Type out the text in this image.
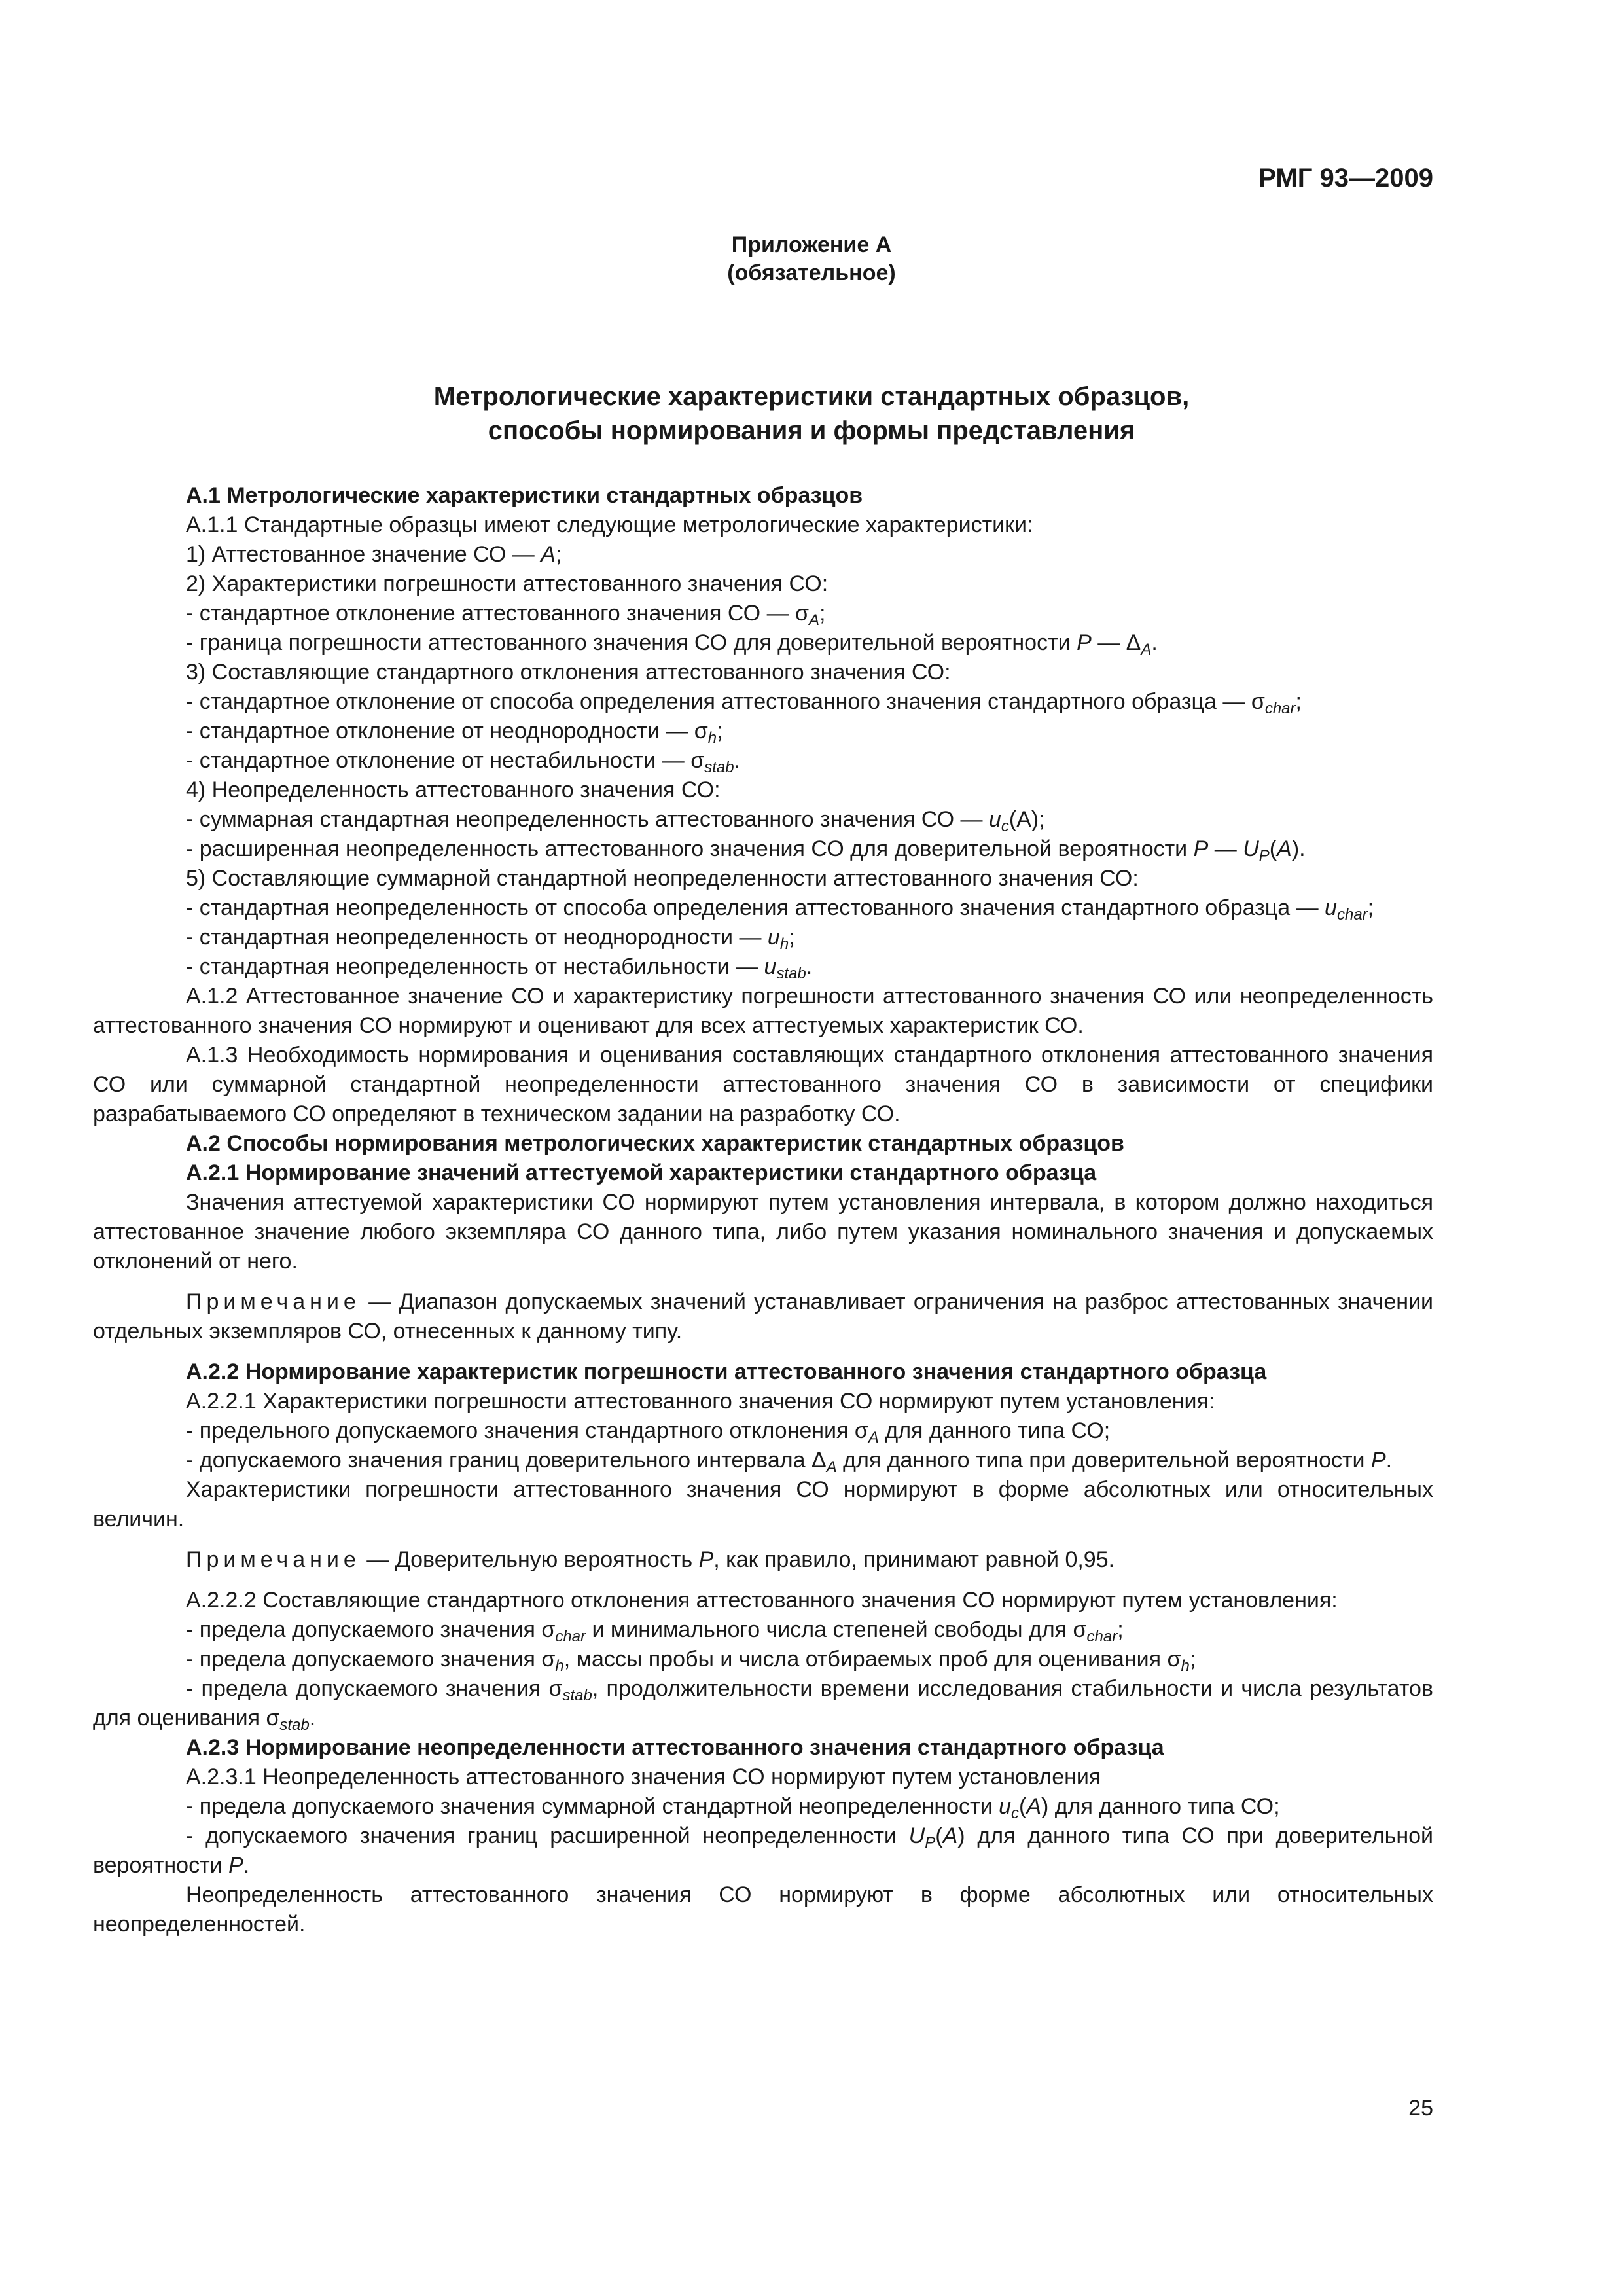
РМГ 93—2009
Приложение А
(обязательное)
Метрологические характеристики стандартных образцов,
способы нормирования и формы представления

А.1 Метрологические характеристики стандартных образцов

А.1.1 Стандартные образцы имеют следующие метрологические характеристики:

1) Аттестованное значение СО — A;

2) Характеристики погрешности аттестованного значения СО:

- стандартное отклонение аттестованного значения СО — $\sigma_A$;

- граница погрешности аттестованного значения СО для доверительной вероятности P — $\Delta_A$.

3) Составляющие стандартного отклонения аттестованного значения СО:

- стандартное отклонение от способа определения аттестованного значения стандартного образца — $\sigma_{char}$;

- стандартное отклонение от неоднородности — $\sigma_h$;

- стандартное отклонение от нестабильности — $\sigma_{stab}$.

4) Неопределенность аттестованного значения СО:

- суммарная стандартная неопределенность аттестованного значения СО — $u_c(A)$;

- расширенная неопределенность аттестованного значения СО для доверительной вероятности P — $U_P(A)$.

5) Составляющие суммарной стандартной неопределенности аттестованного значения СО:

- стандартная неопределенность от способа определения аттестованного значения стандартного образца — $u_{char}$;

- стандартная неопределенность от неоднородности — $u_h$;

- стандартная неопределенность от нестабильности — $u_{stab}$.

А.1.2 Аттестованное значение СО и характеристику погрешности аттестованного значения СО или неопределенность аттестованного значения СО нормируют и оценивают для всех аттестуемых характеристик СО.

А.1.3 Необходимость нормирования и оценивания составляющих стандартного отклонения аттестованного значения СО или суммарной стандартной неопределенности аттестованного значения СО в зависимости от специфики разрабатываемого СО определяют в техническом задании на разработку СО.

А.2 Способы нормирования метрологических характеристик стандартных образцов

А.2.1 Нормирование значений аттестуемой характеристики стандартного образца

Значения аттестуемой характеристики СО нормируют путем установления интервала, в котором должно находиться аттестованное значение любого экземпляра СО данного типа, либо путем указания номинального значения и допускаемых отклонений от него.

Примечание — Диапазон допускаемых значений устанавливает ограничения на разброс аттестованных значении отдельных экземпляров СО, отнесенных к данному типу.

А.2.2 Нормирование характеристик погрешности аттестованного значения стандартного образца

А.2.2.1 Характеристики погрешности аттестованного значения СО нормируют путем установления:

- предельного допускаемого значения стандартного отклонения $\sigma_A$ для данного типа СО;

- допускаемого значения границ доверительного интервала $\Delta_A$ для данного типа при доверительной вероятности P.

Характеристики погрешности аттестованного значения СО нормируют в форме абсолютных или относительных величин.

Примечание — Доверительную вероятность P, как правило, принимают равной 0,95.

А.2.2.2 Составляющие стандартного отклонения аттестованного значения СО нормируют путем установления:

- предела допускаемого значения $\sigma_{char}$ и минимального числа степеней свободы для $\sigma_{char}$;

- предела допускаемого значения $\sigma_h$, массы пробы и числа отбираемых проб для оценивания $\sigma_h$;

- предела допускаемого значения $\sigma_{stab}$, продолжительности времени исследования стабильности и числа результатов для оценивания $\sigma_{stab}$.

А.2.3 Нормирование неопределенности аттестованного значения стандартного образца

А.2.3.1 Неопределенность аттестованного значения СО нормируют путем установления

- предела допускаемого значения суммарной стандартной неопределенности $u_c(A)$ для данного типа СО;

- допускаемого значения границ расширенной неопределенности $U_P(A)$ для данного типа СО при доверительной вероятности P.

Неопределенность аттестованного значения СО нормируют в форме абсолютных или относительных неопределенностей.

25
